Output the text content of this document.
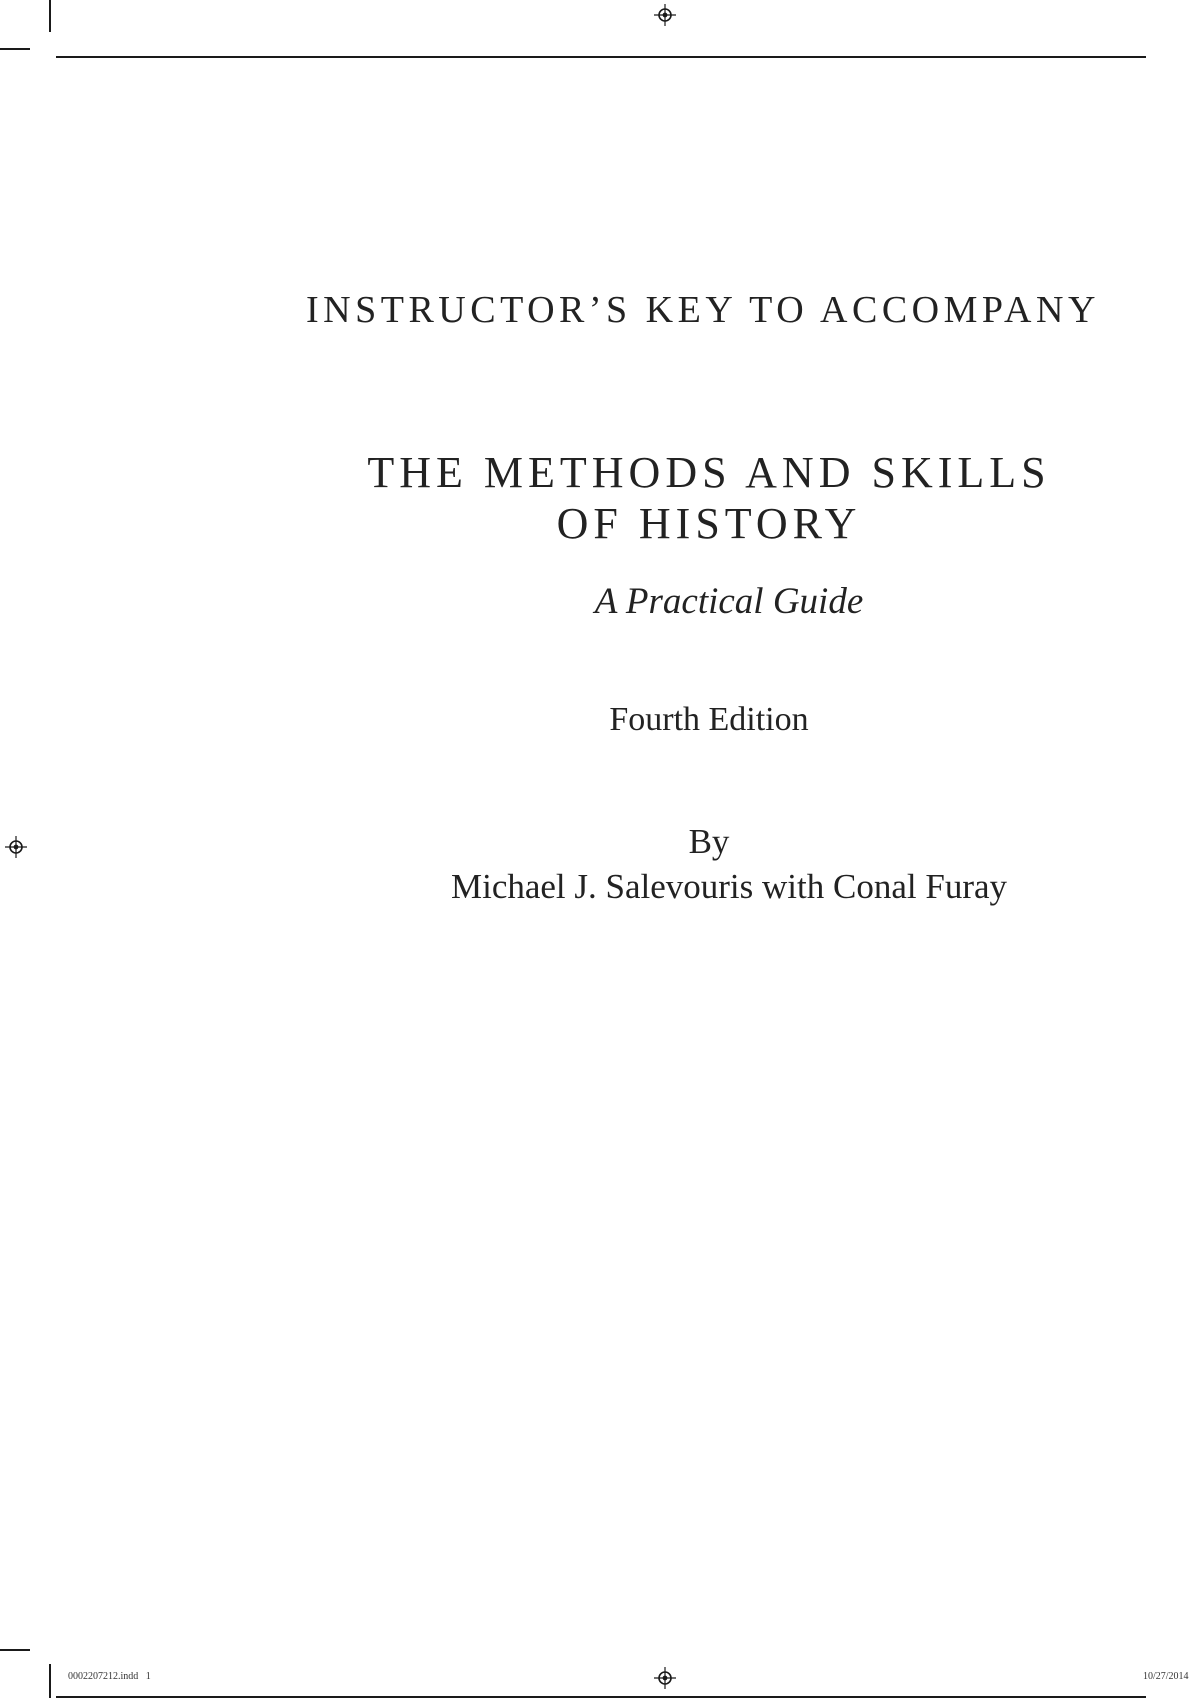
INSTRUCTOR’S KEY TO ACCOMPANY
THE METHODS AND SKILLS
OF HISTORY
A Practical Guide
Fourth Edition
By
Michael J. Salevouris with Conal Furay
0002207212.indd   1	10/27/2014
